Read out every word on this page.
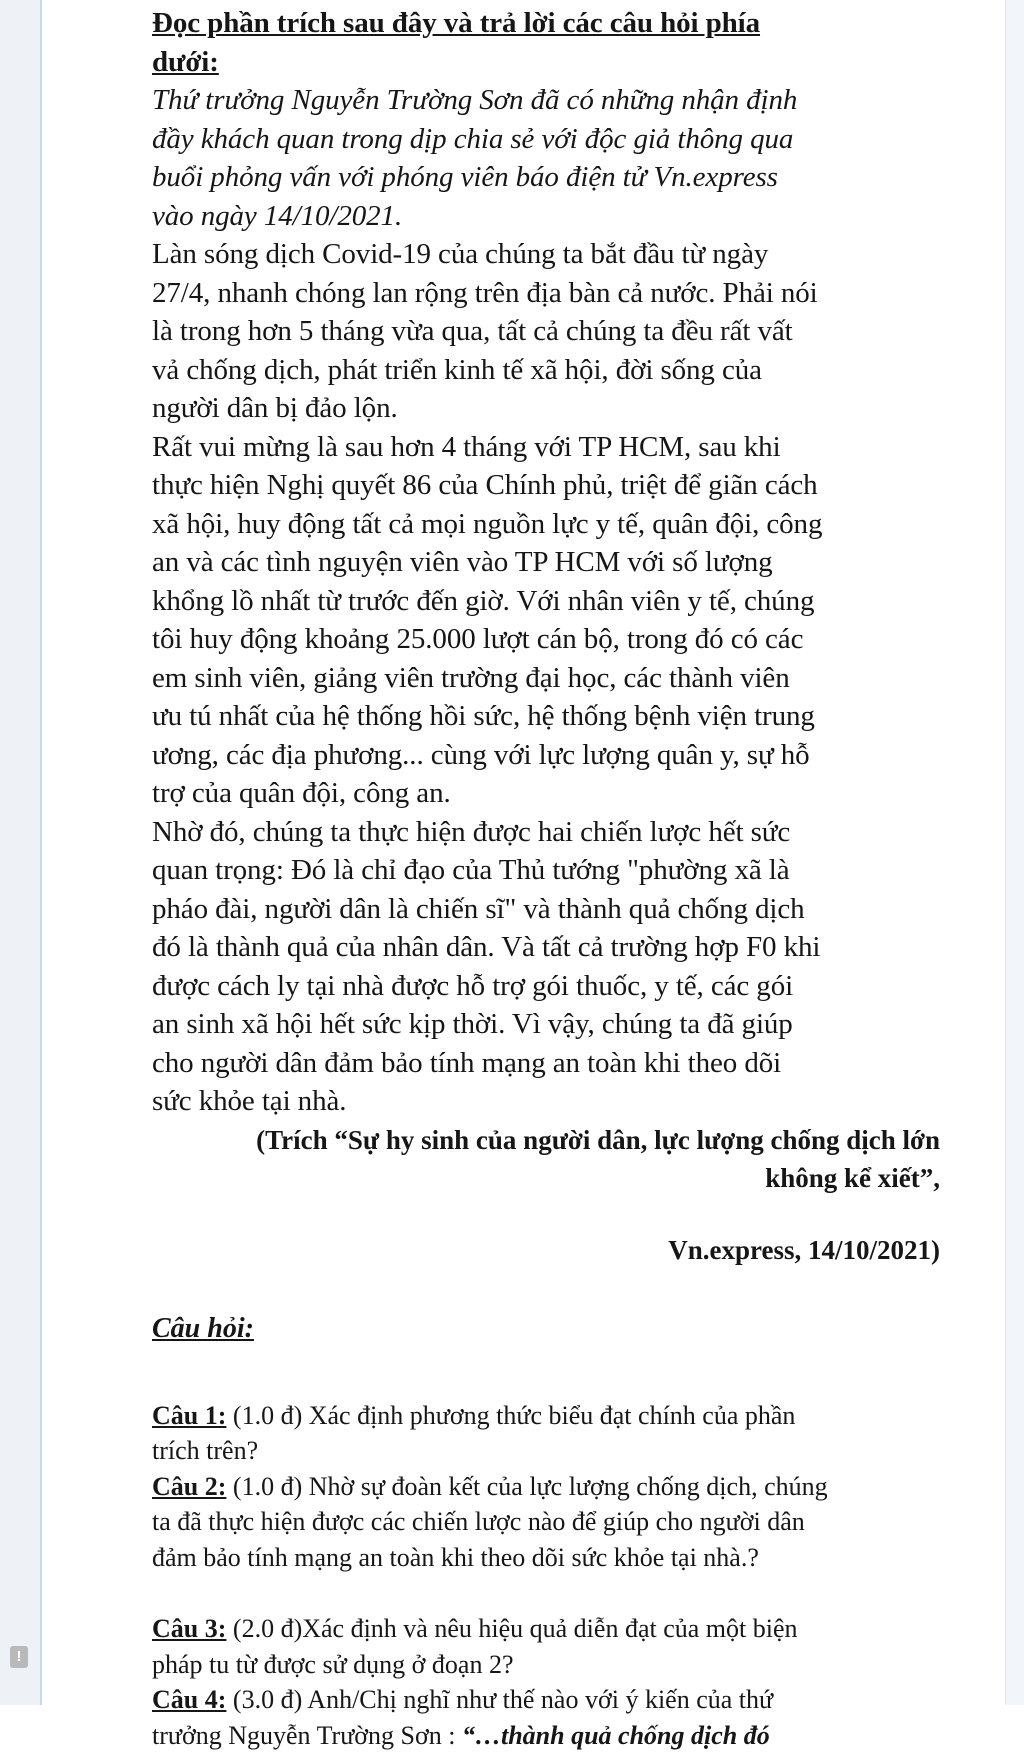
!
Đọc phần trích sau đây và trả lời các câu hỏi phía
dưới:
Thứ trưởng Nguyễn Trường Sơn đã có những nhận định
đầy khách quan trong dịp chia sẻ với độc giả thông qua
buổi phỏng vấn với phóng viên báo điện tử Vn.express
vào ngày 14/10/2021.
Làn sóng dịch Covid-19 của chúng ta bắt đầu từ ngày
27/4, nhanh chóng lan rộng trên địa bàn cả nước. Phải nói
là trong hơn 5 tháng vừa qua, tất cả chúng ta đều rất vất
vả chống dịch, phát triển kinh tế xã hội, đời sống của
người dân bị đảo lộn.
Rất vui mừng là sau hơn 4 tháng với TP HCM, sau khi
thực hiện Nghị quyết 86 của Chính phủ, triệt để giãn cách
xã hội, huy động tất cả mọi nguồn lực y tế, quân đội, công
an và các tình nguyện viên vào TP HCM với số lượng
khổng lồ nhất từ trước đến giờ. Với nhân viên y tế, chúng
tôi huy động khoảng 25.000 lượt cán bộ, trong đó có các
em sinh viên, giảng viên trường đại học, các thành viên
ưu tú nhất của hệ thống hồi sức, hệ thống bệnh viện trung
ương, các địa phương... cùng với lực lượng quân y, sự hỗ
trợ của quân đội, công an.
Nhờ đó, chúng ta thực hiện được hai chiến lược hết sức
quan trọng: Đó là chỉ đạo của Thủ tướng "phường xã là
pháo đài, người dân là chiến sĩ" và thành quả chống dịch
đó là thành quả của nhân dân. Và tất cả trường hợp F0 khi
được cách ly tại nhà được hỗ trợ gói thuốc, y tế, các gói
an sinh xã hội hết sức kịp thời. Vì vậy, chúng ta đã giúp
cho người dân đảm bảo tính mạng an toàn khi theo dõi
sức khỏe tại nhà.
(Trích “Sự hy sinh của người dân, lực lượng chống dịch lớn
không kể xiết”,
Vn.express, 14/10/2021)
Câu hỏi:
Câu 1: (1.0 đ) Xác định phương thức biểu đạt chính của phần
trích trên?
Câu 2: (1.0 đ) Nhờ sự đoàn kết của lực lượng chống dịch, chúng
ta đã thực hiện được các chiến lược nào để giúp cho người dân
đảm bảo tính mạng an toàn khi theo dõi sức khỏe tại nhà.?
Câu 3: (2.0 đ)Xác định và nêu hiệu quả diễn đạt của một biện
pháp tu từ được sử dụng ở đoạn 2?
Câu 4: (3.0 đ) Anh/Chị nghĩ như thế nào với ý kiến của thứ
trưởng Nguyễn Trường Sơn : “…thành quả chống dịch đó
